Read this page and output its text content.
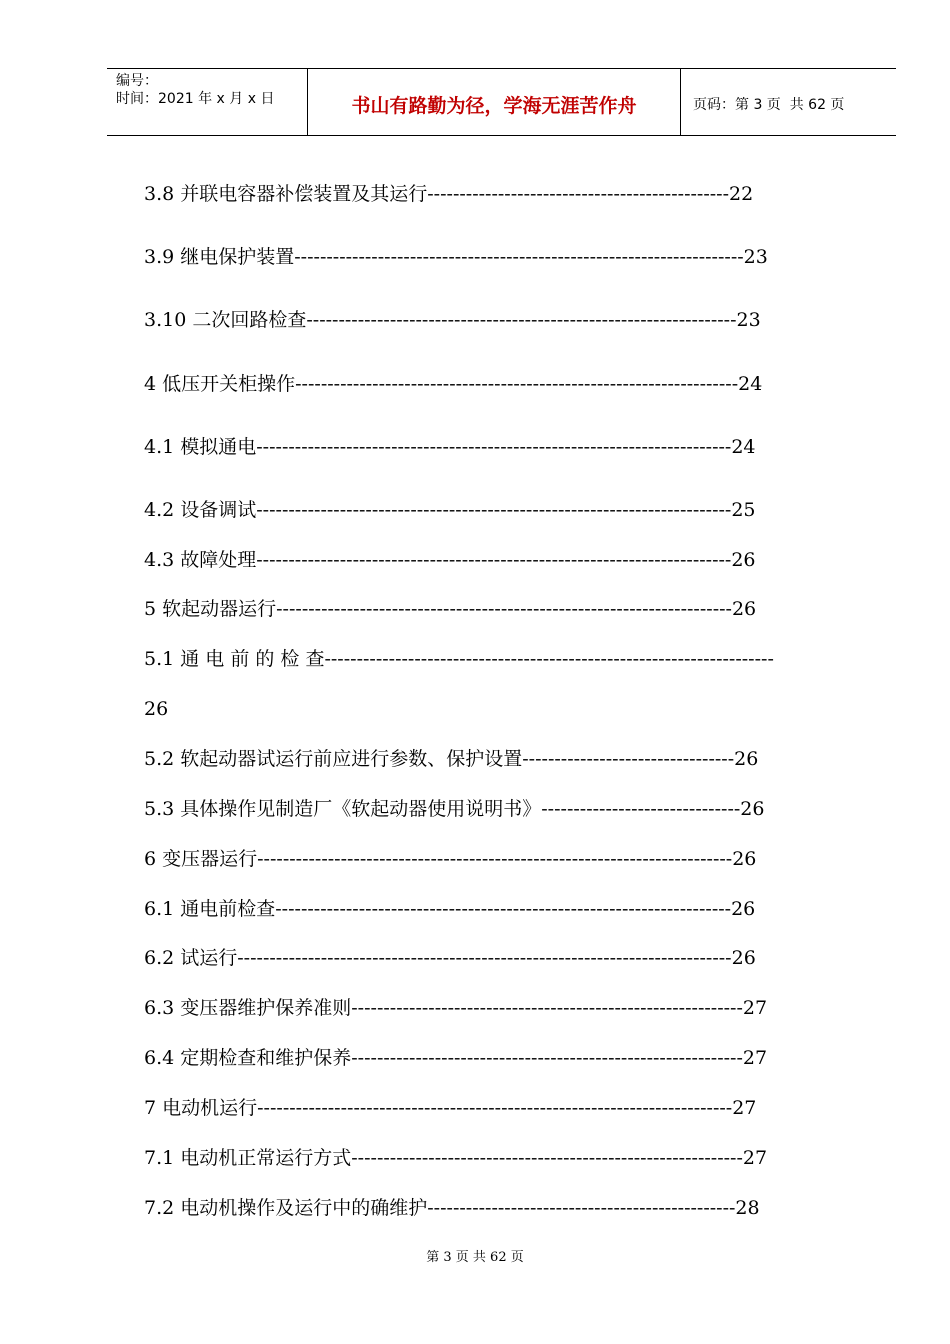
编号：
时间：2021 年 x 月 x 日	书山有路勤为径，学海无涯苦作舟	页码：第 3 页  共 62 页
3.8 并联电容器补偿装置及其运行-----------------------------------------------22
3.9 继电保护装置----------------------------------------------------------------------23
3.10 二次回路检查-------------------------------------------------------------------23
4 低压开关柜操作---------------------------------------------------------------------24
4.1 模拟通电--------------------------------------------------------------------------24
4.2 设备调试--------------------------------------------------------------------------25
4.3 故障处理--------------------------------------------------------------------------26
5 软起动器运行-----------------------------------------------------------------------26
5.1 通 电 前 的 检 查----------------------------------------------------------------------
26
5.2 软起动器试运行前应进行参数、保护设置---------------------------------26
5.3 具体操作见制造厂《软起动器使用说明书》-------------------------------26
6 变压器运行--------------------------------------------------------------------------26
6.1 通电前检查-----------------------------------------------------------------------26
6.2 试运行-----------------------------------------------------------------------------26
6.3 变压器维护保养准则-------------------------------------------------------------27
6.4 定期检查和维护保养-------------------------------------------------------------27
7 电动机运行--------------------------------------------------------------------------27
7.1 电动机正常运行方式-------------------------------------------------------------27
7.2 电动机操作及运行中的确维护------------------------------------------------28
第 3 页 共 62 页
